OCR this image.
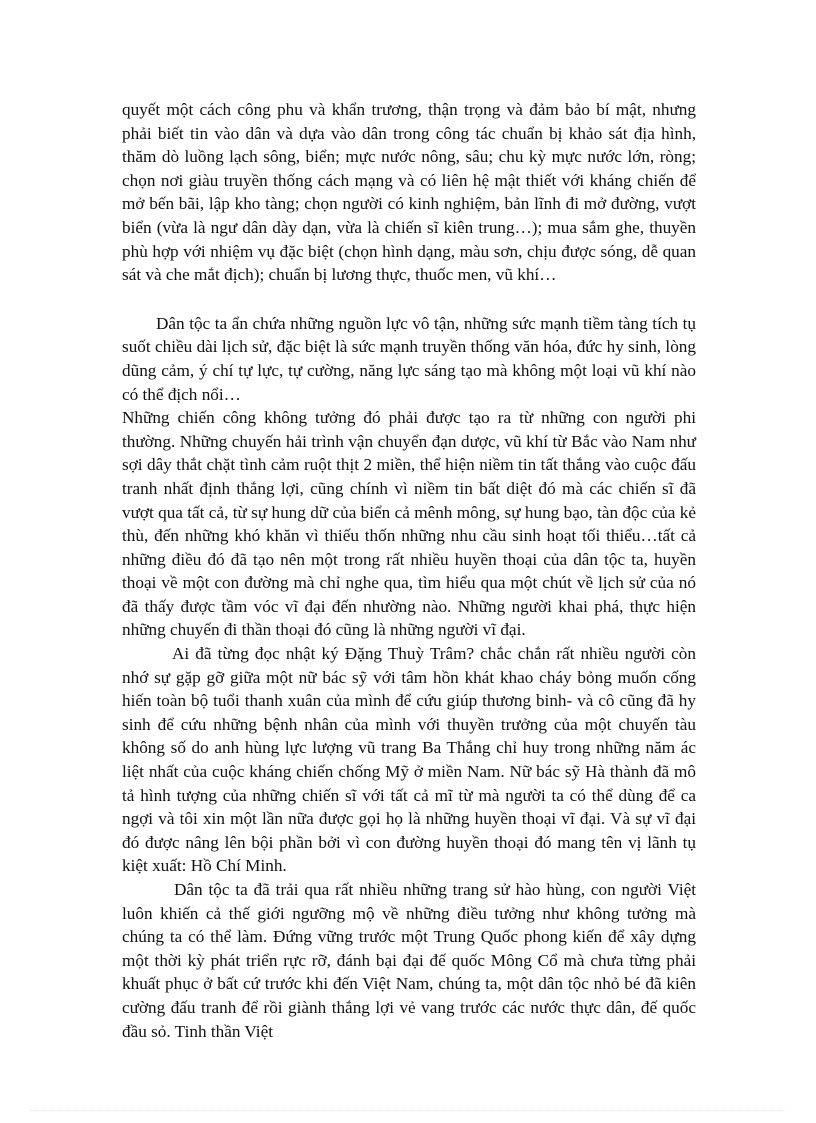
quyết một cách công phu và khẩn trương, thận trọng và đảm bảo bí mật, nhưng phải biết tin vào dân và dựa vào dân trong công tác chuẩn bị khảo sát địa hình, thăm dò luồng lạch sông, biển; mực nước nông, sâu; chu kỳ mực nước lớn, ròng; chọn nơi giàu truyền thống cách mạng và có liên hệ mật thiết với kháng chiến để mở bến bãi, lập kho tàng; chọn người có kinh nghiệm, bản lĩnh đi mở đường, vượt biển (vừa là ngư dân dày dạn, vừa là chiến sĩ kiên trung…); mua sắm ghe, thuyền phù hợp với nhiệm vụ đặc biệt (chọn hình dạng, màu sơn, chịu được sóng, dễ quan sát và che mắt địch); chuẩn bị lương thực, thuốc men, vũ khí…

Dân tộc ta ẩn chứa những nguồn lực vô tận, những sức mạnh tiềm tàng tích tụ suốt chiều dài lịch sử, đặc biệt là sức mạnh truyền thống văn hóa, đức hy sinh, lòng dũng cảm, ý chí tự lực, tự cường, năng lực sáng tạo mà không một loại vũ khí nào có thể địch nổi…

Những chiến công không tưởng đó phải được tạo ra từ những con người phi thường. Những chuyến hải trình vận chuyển đạn dược, vũ khí từ Bắc vào Nam như sợi dây thắt chặt tình cảm ruột thịt 2 miền, thể hiện niềm tin tất thắng vào cuộc đấu tranh nhất định thắng lợi, cũng chính vì niềm tin bất diệt đó mà các chiến sĩ đã vượt qua tất cả, từ sự hung dữ của biển cả mênh mông, sự hung bạo, tàn độc của kẻ thù, đến những khó khăn vì thiếu thốn những nhu cầu sinh hoạt tối thiểu…tất cả những điều đó đã tạo nên một trong rất nhiều huyền thoại của dân tộc ta, huyền thoại về một con đường mà chỉ nghe qua, tìm hiểu qua một chút về lịch sử của nó đã thấy được tầm vóc vĩ đại đến nhường nào. Những người khai phá, thực hiện những chuyến đi thần thoại đó cũng là những người vĩ đại.

Ai đã từng đọc nhật ký Đặng Thuỳ Trâm? chắc chắn rất nhiều người còn nhớ sự gặp gỡ giữa một nữ bác sỹ với tâm hồn khát khao cháy bỏng muốn cống hiến toàn bộ tuổi thanh xuân của mình để cứu giúp thương binh- và cô cũng đã hy sinh để cứu những bệnh nhân của mình với thuyền trưởng của một chuyến tàu không số do anh hùng lực lượng vũ trang Ba Thắng chỉ huy trong những năm ác liệt nhất của cuộc kháng chiến chống Mỹ ở miền Nam. Nữ bác sỹ Hà thành đã mô tả hình tượng của những chiến sĩ với tất cả mĩ từ mà người ta có thể dùng để ca ngợi và tôi xin một lần nữa được gọi họ là những huyền thoại vĩ đại. Và sự vĩ đại đó được nâng lên bội phần bởi vì con đường huyền thoại đó mang tên vị lãnh tụ kiệt xuất: Hồ Chí Minh.

Dân tộc ta đã trải qua rất nhiều những trang sử hào hùng, con người Việt luôn khiến cả thế giới ngưỡng mộ về những điều tưởng như không tưởng mà chúng ta có thể làm. Đứng vững trước một Trung Quốc phong kiến để xây dựng một thời kỳ phát triển rực rỡ, đánh bại đại đế quốc Mông Cổ mà chưa từng phải khuất phục ở bất cứ trước khi đến Việt Nam, chúng ta, một dân tộc nhỏ bé đã kiên cường đấu tranh để rồi giành thắng lợi vẻ vang trước các nước thực dân, đế quốc đầu sỏ. Tinh thần Việt
